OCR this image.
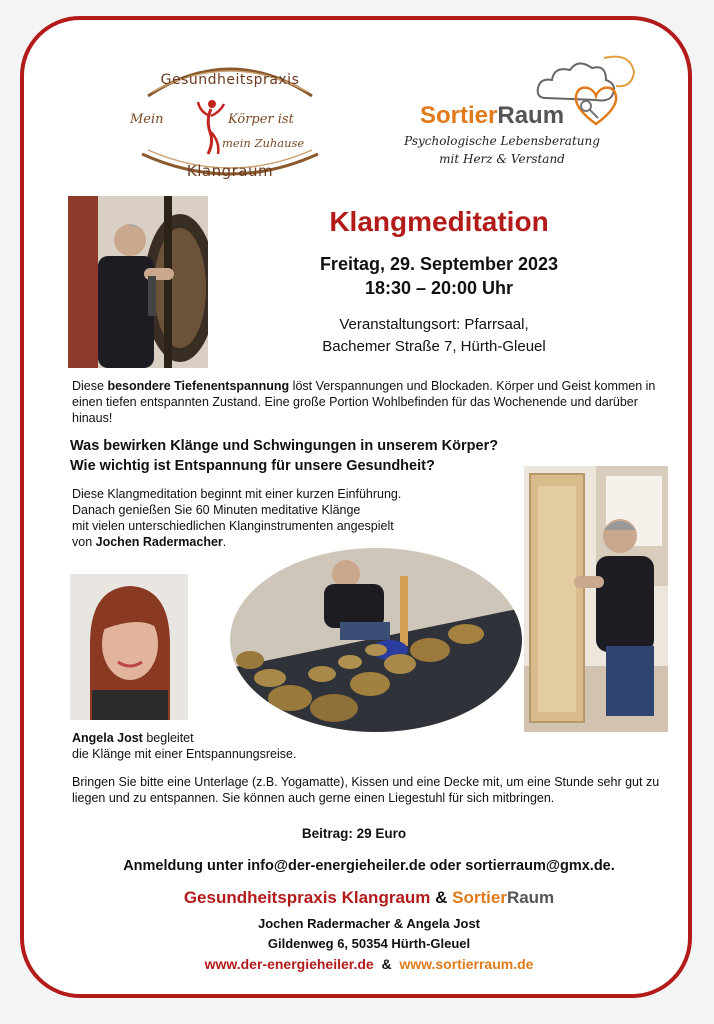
Gesundheitspraxis
Mein	Körper ist
mein Zuhause
Klangraum
SortierRaum
Psychologische Lebensberatung
mit Herz & Verstand
Klangmeditation
Freitag, 29. September 2023
18:30 – 20:00 Uhr
Veranstaltungsort: Pfarrsaal,
Bachemer Straße 7, Hürth-Gleuel
Diese besondere Tiefenentspannung löst Verspannungen und Blockaden. Körper und Geist kommen in einen tiefen entspannten Zustand. Eine große Portion Wohlbefinden für das Wochenende und darüber hinaus!
Was bewirken Klänge und Schwingungen in unserem Körper?
Wie wichtig ist Entspannung für unsere Gesundheit?
Diese Klangmeditation beginnt mit einer kurzen Einführung.
Danach genießen Sie 60 Minuten meditative Klänge
mit vielen unterschiedlichen Klanginstrumenten angespielt
von Jochen Radermacher.
Angela Jost begleitet
die Klänge mit einer Entspannungsreise.
Bringen Sie bitte eine Unterlage (z.B. Yogamatte), Kissen und eine Decke mit, um eine Stunde sehr gut zu liegen und zu entspannen. Sie können auch gerne einen Liegestuhl für sich mitbringen.
Beitrag: 29 Euro
Anmeldung unter info@der-energieheiler.de oder sortierraum@gmx.de.
Gesundheitspraxis Klangraum & SortierRaum
Jochen Radermacher & Angela Jost
Gildenweg 6, 50354 Hürth-Gleuel
www.der-energieheiler.de  &  www.sortierraum.de
